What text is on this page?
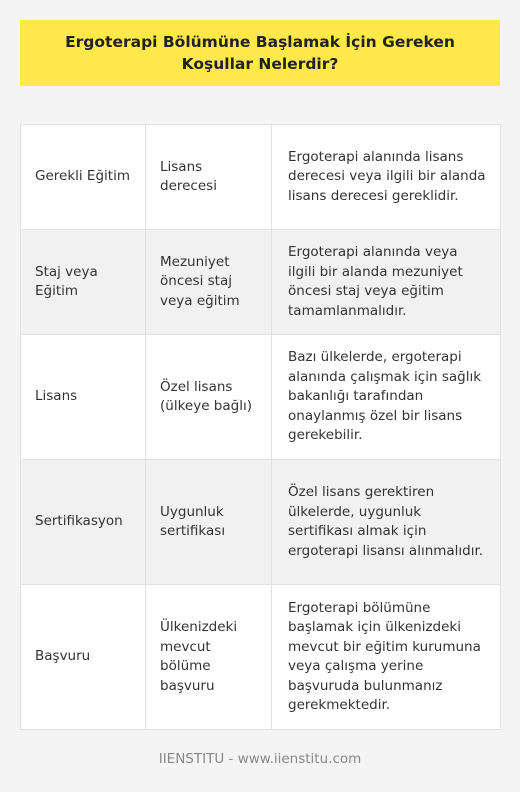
Ergoterapi Bölümüne Başlamak İçin Gereken Koşullar Nelerdir?
Gerekli Eğitim	Lisans derecesi	Ergoterapi alanında lisans derecesi veya ilgili bir alanda lisans derecesi gereklidir.
Staj veya Eğitim	Mezuniyet öncesi staj veya eğitim	Ergoterapi alanında veya ilgili bir alanda mezuniyet öncesi staj veya eğitim tamamlanmalıdır.
Lisans	Özel lisans (ülkeye bağlı)	Bazı ülkelerde, ergoterapi alanında çalışmak için sağlık bakanlığı tarafından onaylanmış özel bir lisans gerekebilir.
Sertifikasyon	Uygunluk sertifikası	Özel lisans gerektiren ülkelerde, uygunluk sertifikası almak için ergoterapi lisansı alınmalıdır.
Başvuru	Ülkenizdeki mevcut bölüme başvuru	Ergoterapi bölümüne başlamak için ülkenizdeki mevcut bir eğitim kurumuna veya çalışma yerine başvuruda bulunmanız gerekmektedir.
IIENSTITU - www.iienstitu.com
